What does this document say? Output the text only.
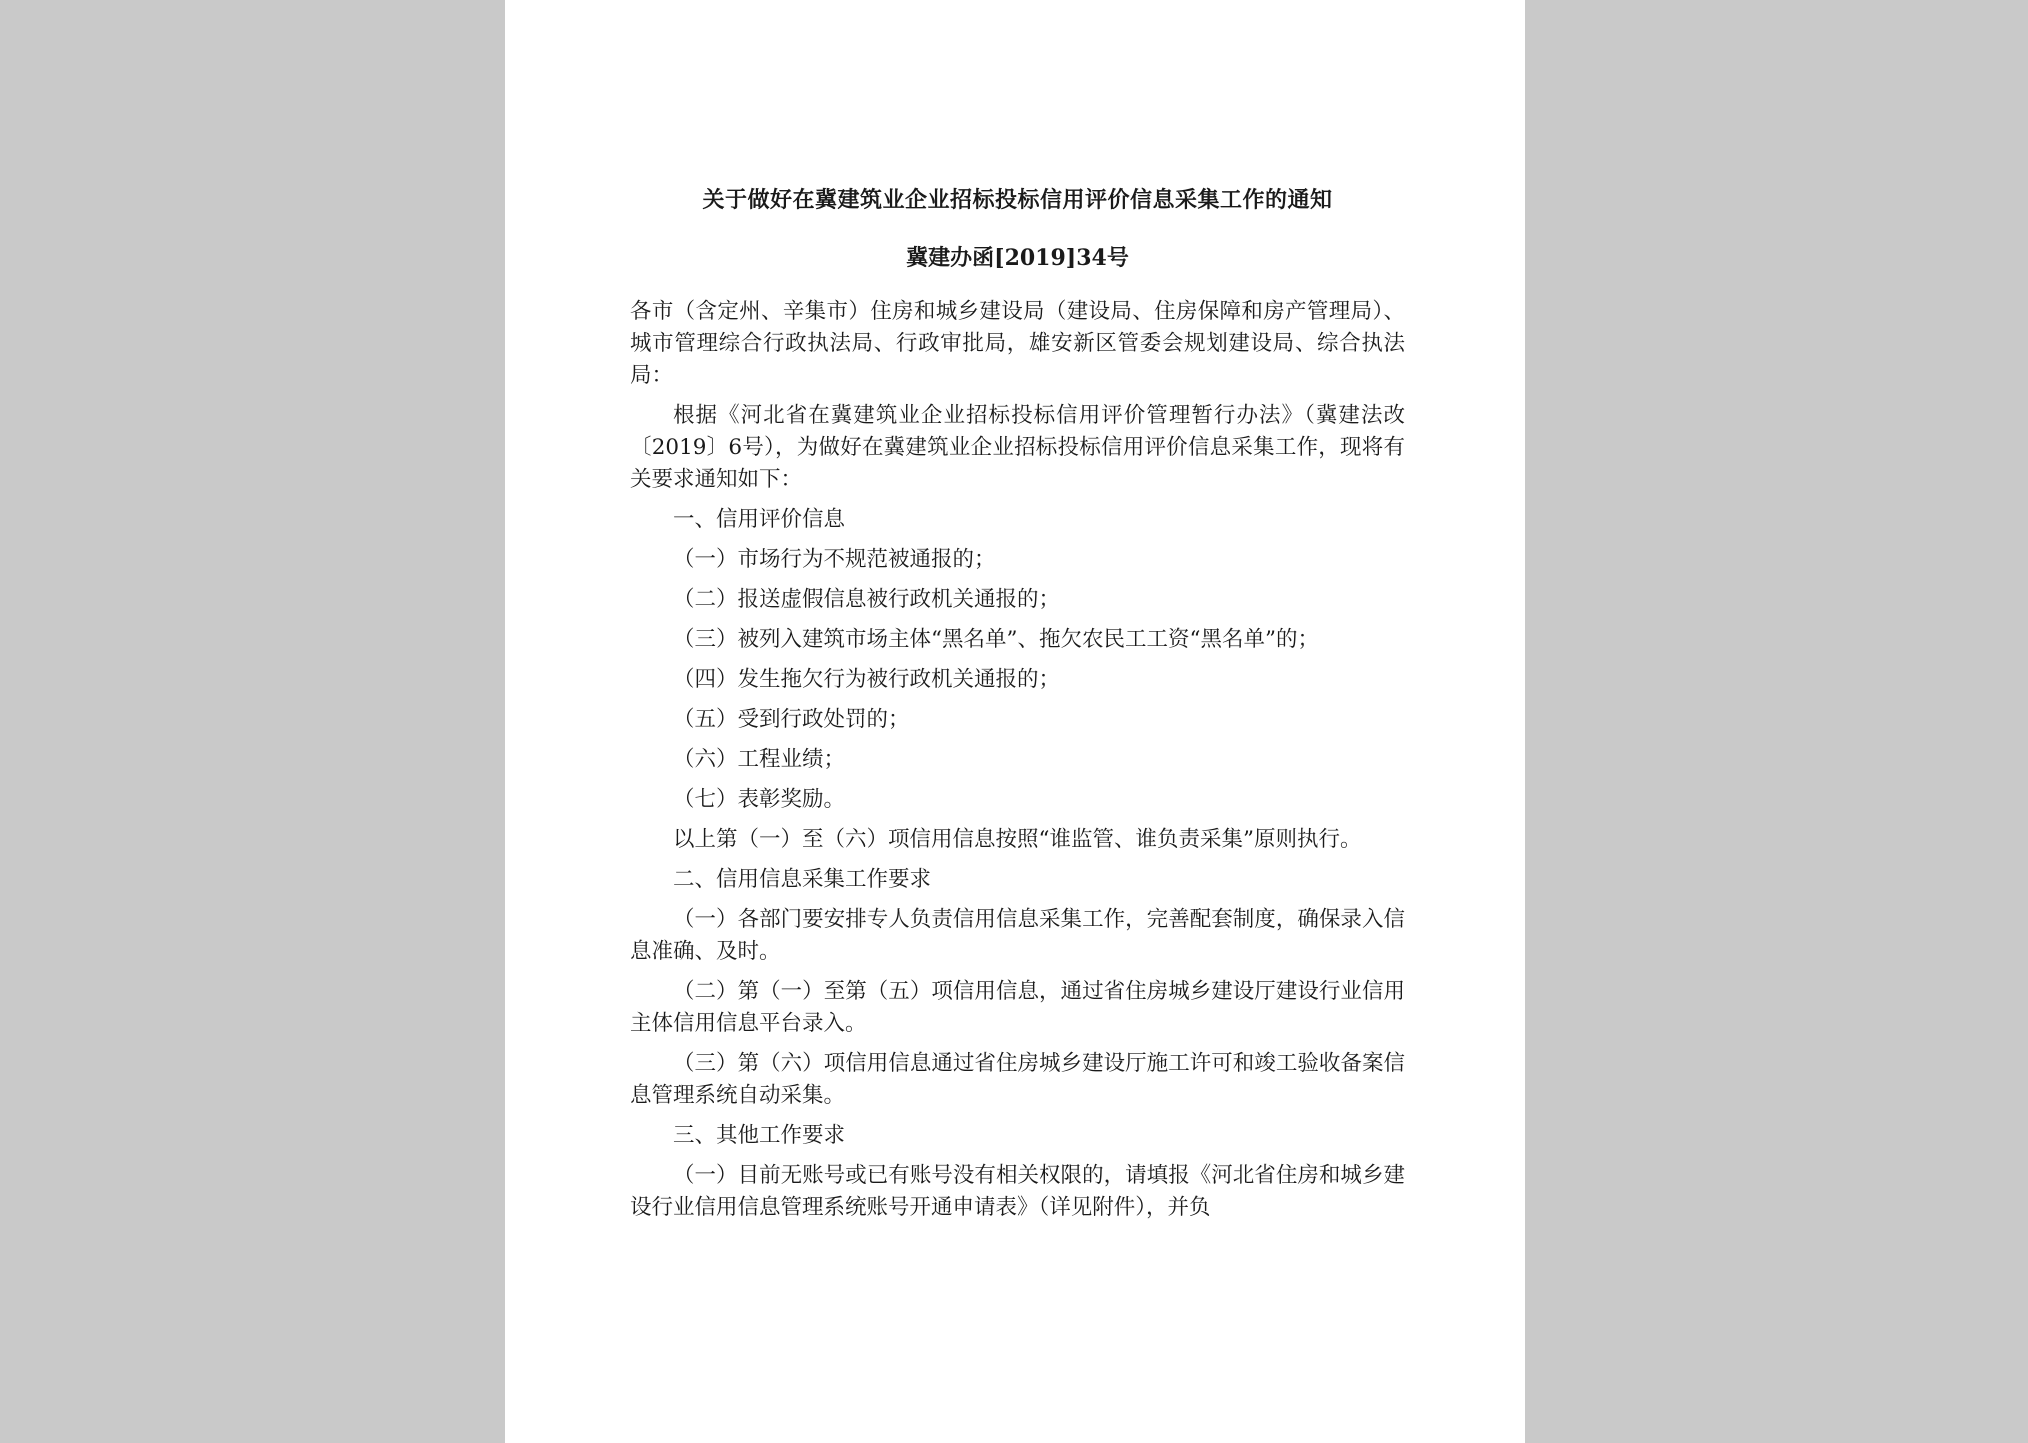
关于做好在冀建筑业企业招标投标信用评价信息采集工作的通知
冀建办函[2019]34号

各市（含定州、辛集市）住房和城乡建设局（建设局、住房保障和房产管理局）、城市管理综合行政执法局、行政审批局，雄安新区管委会规划建设局、综合执法局：

根据《河北省在冀建筑业企业招标投标信用评价管理暂行办法》（冀建法改〔2019〕6号），为做好在冀建筑业企业招标投标信用评价信息采集工作，现将有关要求通知如下：

一、信用评价信息

（一）市场行为不规范被通报的；

（二）报送虚假信息被行政机关通报的；

（三）被列入建筑市场主体“黑名单”、拖欠农民工工资“黑名单”的；

（四）发生拖欠行为被行政机关通报的；

（五）受到行政处罚的；

（六）工程业绩；

（七）表彰奖励。

以上第（一）至（六）项信用信息按照“谁监管、谁负责采集”原则执行。

二、信用信息采集工作要求

（一）各部门要安排专人负责信用信息采集工作，完善配套制度，确保录入信息准确、及时。

（二）第（一）至第（五）项信用信息，通过省住房城乡建设厅建设行业信用主体信用信息平台录入。

（三）第（六）项信用信息通过省住房城乡建设厅施工许可和竣工验收备案信息管理系统自动采集。

三、其他工作要求

（一）目前无账号或已有账号没有相关权限的，请填报《河北省住房和城乡建设行业信用信息管理系统账号开通申请表》（详见附件），并负
